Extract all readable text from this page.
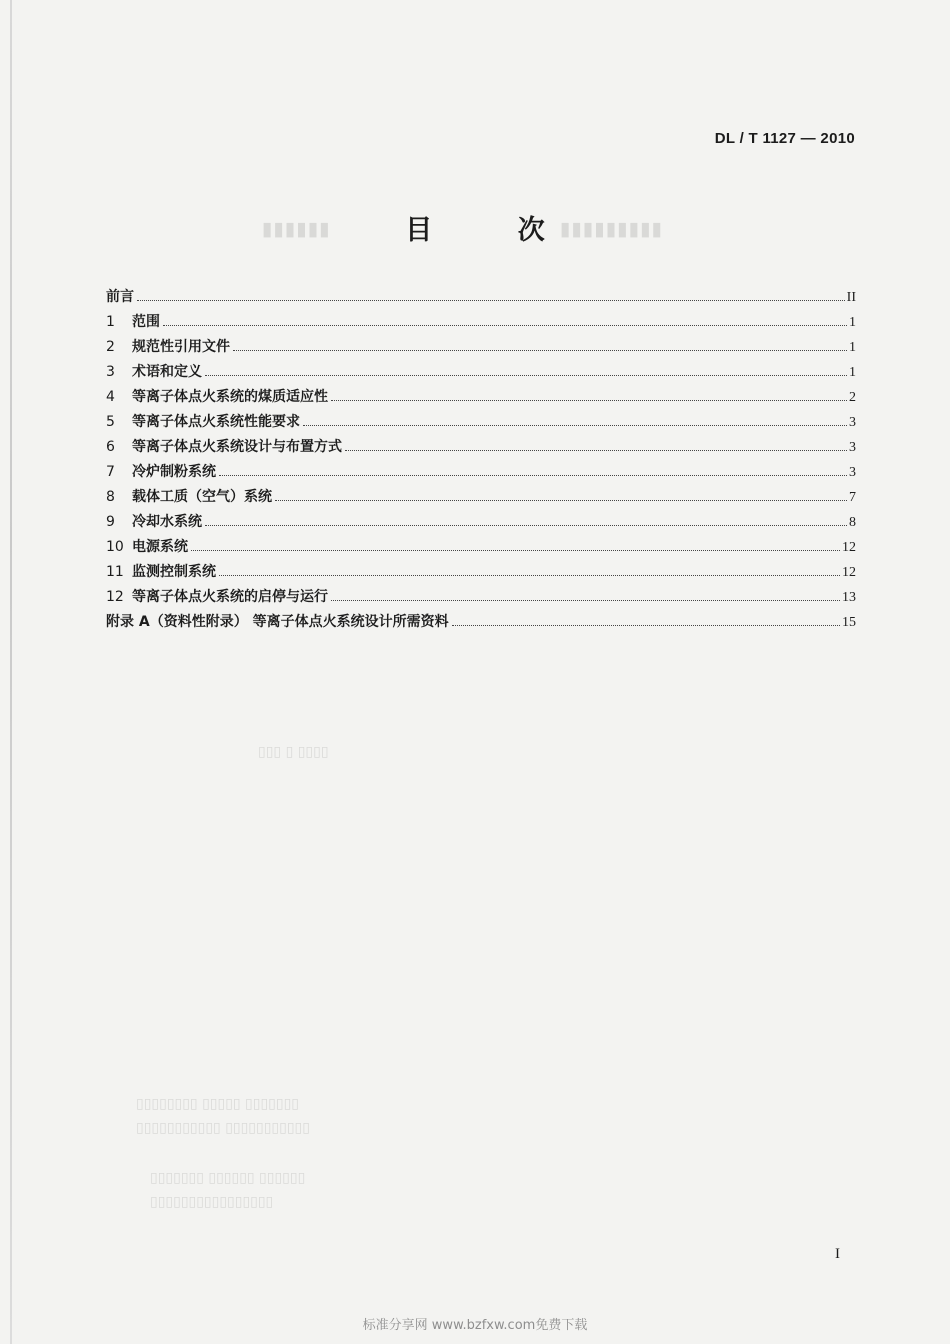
DL / T 1127 — 2010
▮▮▮▮▮▮	▮▮▮▮▮▮▮▮▮
目 次
前言	II
1	范围	1
2	规范性引用文件	1
3	术语和定义	1
4	等离子体点火系统的煤质适应性	2
5	等离子体点火系统性能要求	3
6	等离子体点火系统设计与布置方式	3
7	冷炉制粉系统	3
8	载体工质（空气）系统	7
9	冷却水系统	8
10 电源系统	12
11 监测控制系统	12
12 等离子体点火系统的启停与运行	13
附录 A（资料性附录） 等离子体点火系统设计所需资料	15
▯▯▯ ▯ ▯▯▯▯
▯▯▯▯▯▯▯▯ ▯▯▯▯▯ ▯▯▯▯▯▯▯
▯▯▯▯▯▯▯▯▯▯▯ ▯▯▯▯▯▯▯▯▯▯▯
▯▯▯▯▯▯▯ ▯▯▯▯▯▯ ▯▯▯▯▯▯
▯▯▯▯▯▯▯▯▯▯▯▯▯▯▯▯
I
标准分享网 www.bzfxw.com免费下载
